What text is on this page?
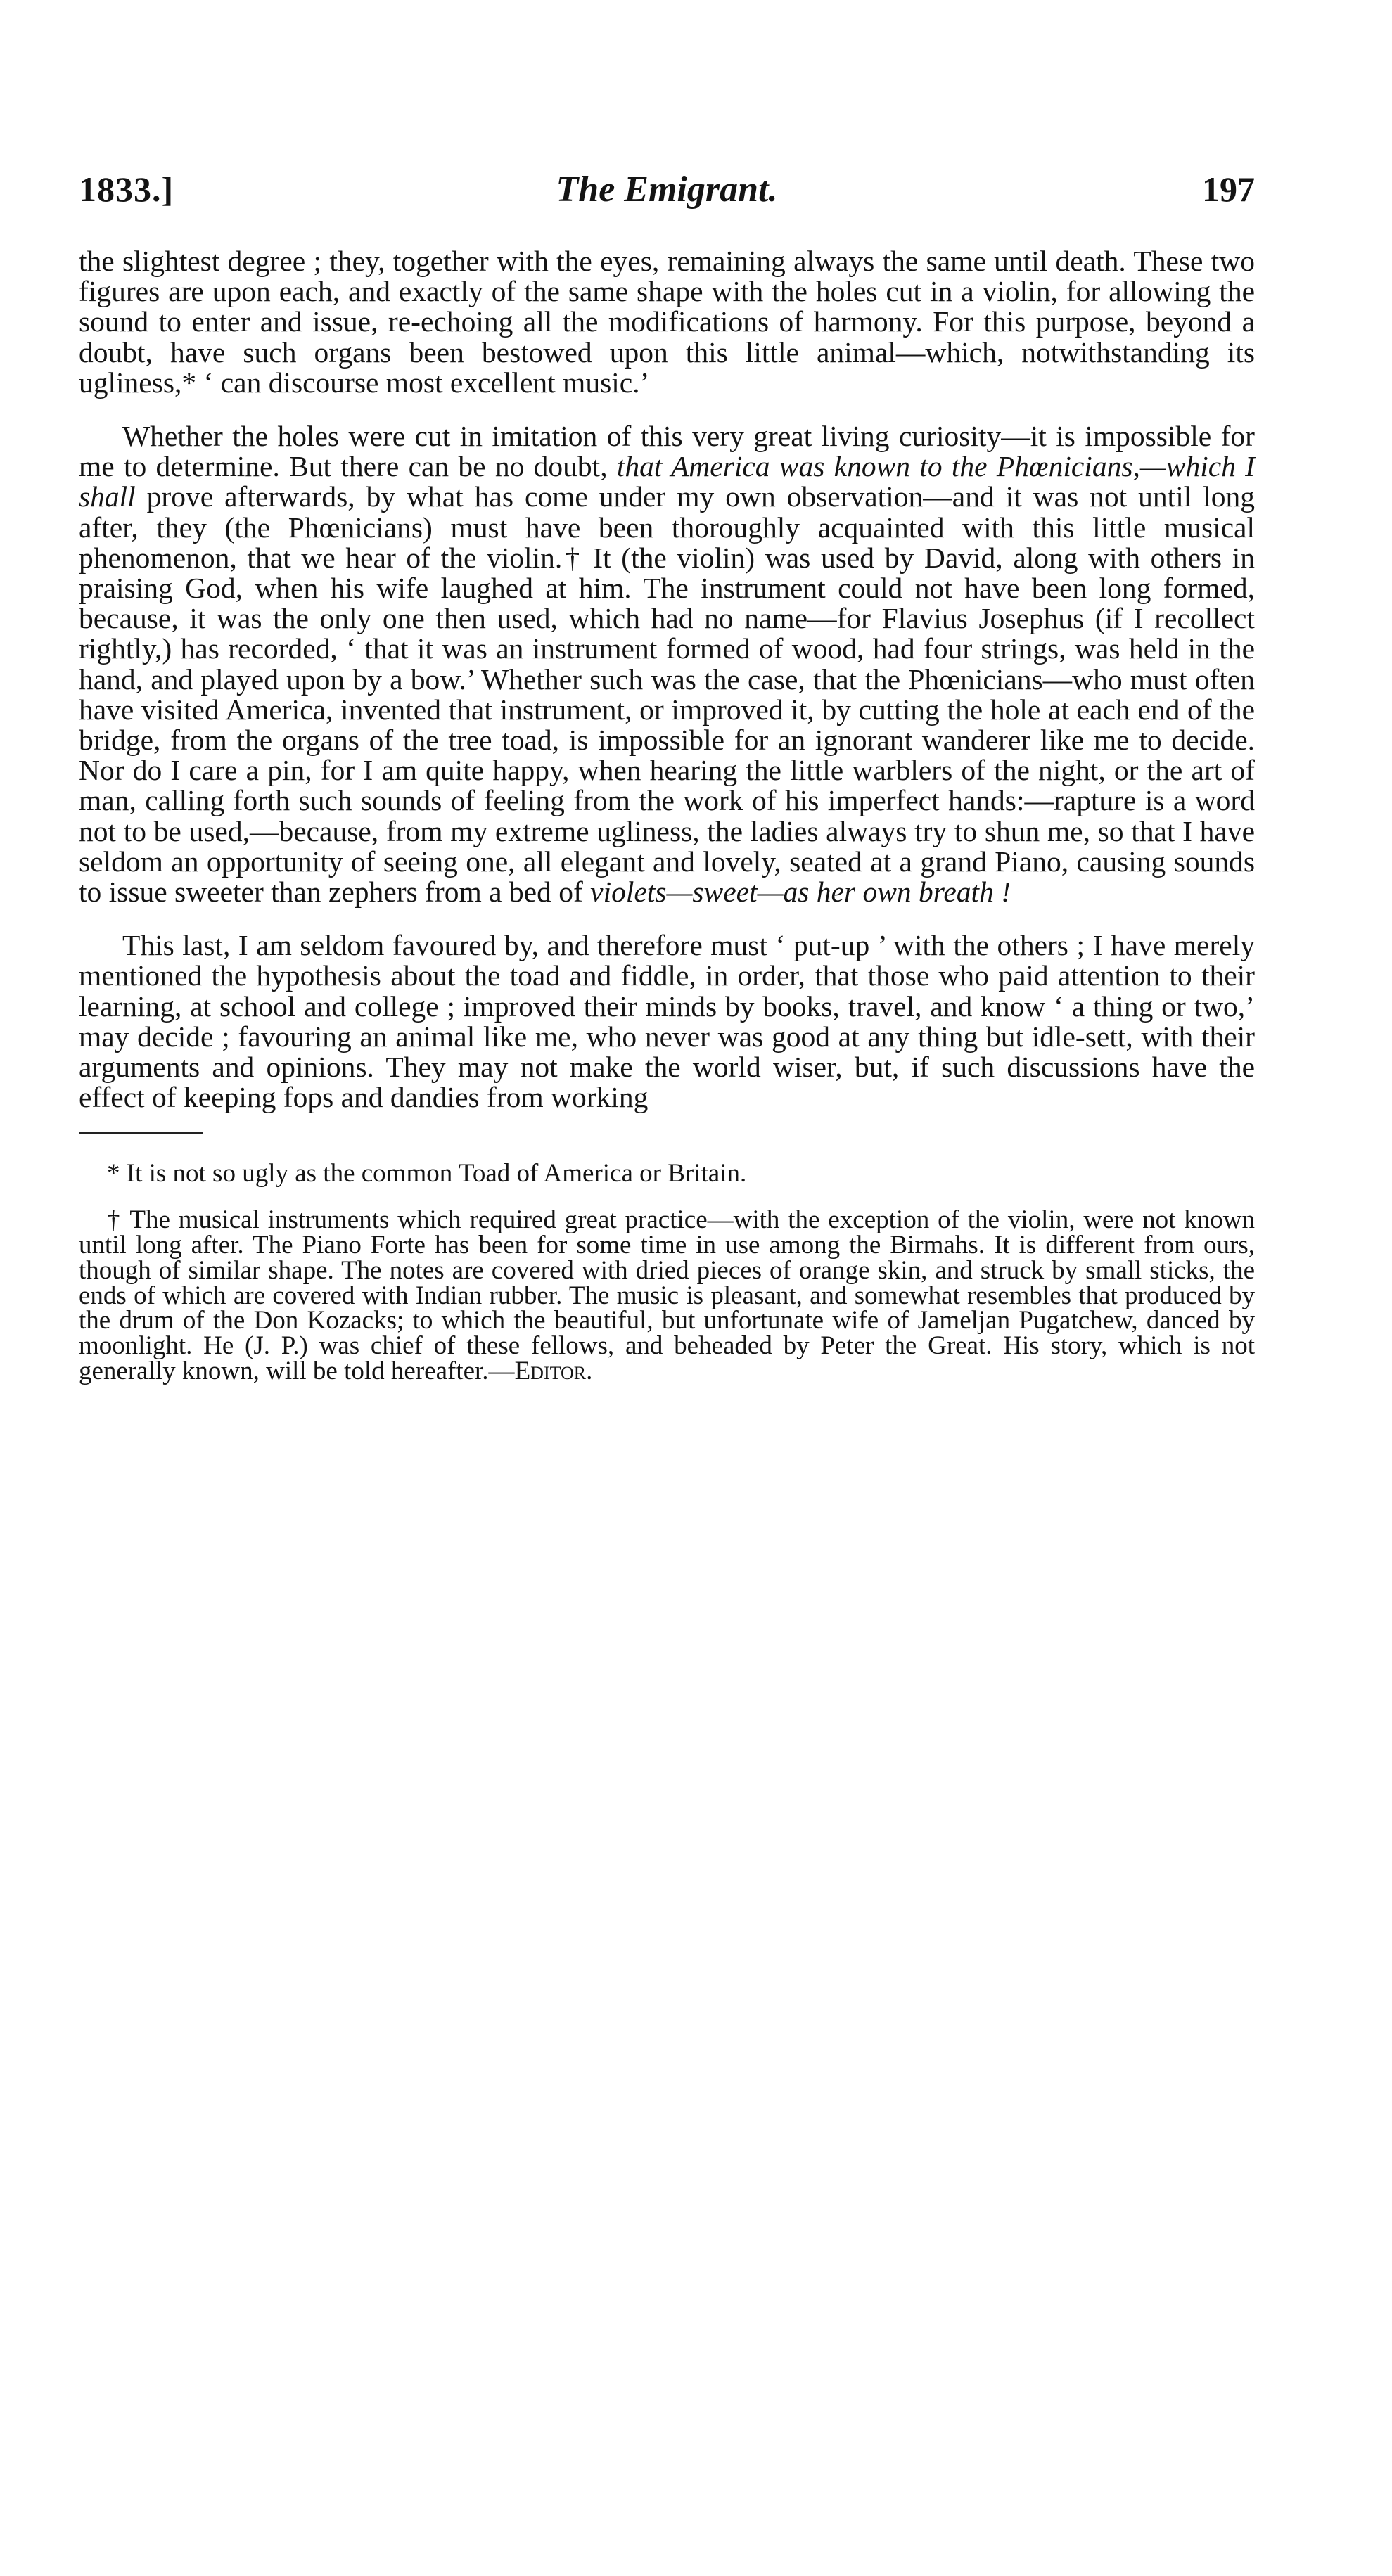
1833.]	The Emigrant.	197

the slightest degree ; they, together with the eyes, remaining always the same until death. These two figures are upon each, and exactly of the same shape with the holes cut in a violin, for allowing the sound to enter and issue, re-echoing all the modifications of harmony. For this purpose, beyond a doubt, have such organs been bestowed upon this little animal—which, notwithstanding its ugliness,* ‘ can discourse most excellent music.’

Whether the holes were cut in imitation of this very great living curiosity—it is impossible for me to determine. But there can be no doubt, that America was known to the Phœnicians,—which I shall prove afterwards, by what has come under my own observation—and it was not until long after, they (the Phœnicians) must have been thoroughly acquainted with this little musical phenomenon, that we hear of the violin.† It (the violin) was used by David, along with others in praising God, when his wife laughed at him. The instrument could not have been long formed, because, it was the only one then used, which had no name—for Flavius Josephus (if I recollect rightly,) has recorded, ‘ that it was an instrument formed of wood, had four strings, was held in the hand, and played upon by a bow.’ Whether such was the case, that the Phœnicians—who must often have visited America, invented that instrument, or improved it, by cutting the hole at each end of the bridge, from the organs of the tree toad, is impossible for an ignorant wanderer like me to decide. Nor do I care a pin, for I am quite happy, when hearing the little warblers of the night, or the art of man, calling forth such sounds of feeling from the work of his imperfect hands:—rapture is a word not to be used,—because, from my extreme ugliness, the ladies always try to shun me, so that I have seldom an opportunity of seeing one, all elegant and lovely, seated at a grand Piano, causing sounds to issue sweeter than zephers from a bed of violets—sweet—as her own breath !

This last, I am seldom favoured by, and therefore must ‘ put-up ’ with the others ; I have merely mentioned the hypothesis about the toad and fiddle, in order, that those who paid attention to their learning, at school and college ; improved their minds by books, travel, and know ‘ a thing or two,’ may decide ; favouring an animal like me, who never was good at any thing but idle-sett, with their arguments and opinions. They may not make the world wiser, but, if such discussions have the effect of keeping fops and dandies from working

* It is not so ugly as the common Toad of America or Britain.

† The musical instruments which required great practice—with the exception of the violin, were not known until long after. The Piano Forte has been for some time in use among the Birmahs. It is different from ours, though of similar shape. The notes are covered with dried pieces of orange skin, and struck by small sticks, the ends of which are covered with Indian rubber. The music is pleasant, and somewhat resembles that produced by the drum of the Don Kozacks; to which the beautiful, but unfortunate wife of Jameljan Pugatchew, danced by moonlight. He (J. P.) was chief of these fellows, and beheaded by Peter the Great. His story, which is not generally known, will be told hereafter.—Editor.
